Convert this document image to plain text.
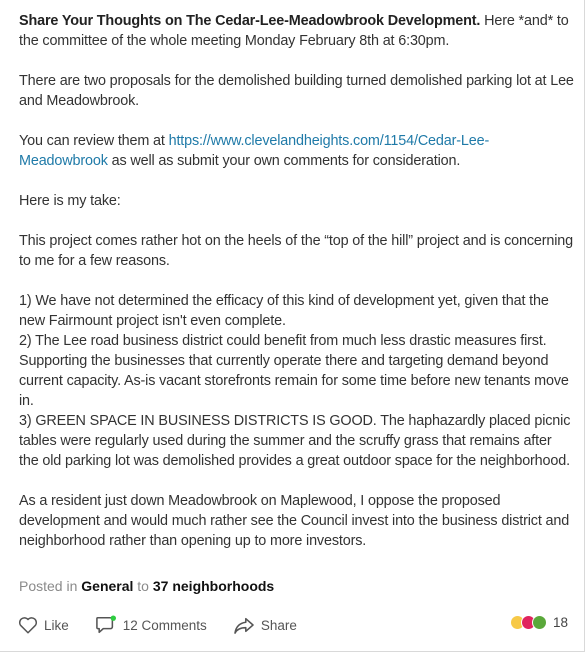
Share Your Thoughts on The Cedar-Lee-Meadowbrook Development. Here *and* to the committee of the whole meeting Monday February 8th at 6:30pm.

There are two proposals for the demolished building turned demolished parking lot at Lee and Meadowbrook.

You can review them at https://www.clevelandheights.com/1154/Cedar-Lee-Meadowbrook as well as submit your own comments for consideration.

Here is my take:

This project comes rather hot on the heels of the “top of the hill” project and is concerning to me for a few reasons.

1) We have not determined the efficacy of this kind of development yet, given that the new Fairmount project isn't even complete.

2) The Lee road business district could benefit from much less drastic measures first. Supporting the businesses that currently operate there and targeting demand beyond current capacity. As-is vacant storefronts remain for some time before new tenants move in.

3) GREEN SPACE IN BUSINESS DISTRICTS IS GOOD. The haphazardly placed picnic tables were regularly used during the summer and the scruffy grass that remains after the old parking lot was demolished provides a great outdoor space for the neighborhood.

As a resident just down Meadowbrook on Maplewood, I oppose the proposed development and would much rather see the Council invest into the business district and neighborhood rather than opening up to more investors.

Posted in General to 37 neighborhoods
Like	12 Comments	Share	18
